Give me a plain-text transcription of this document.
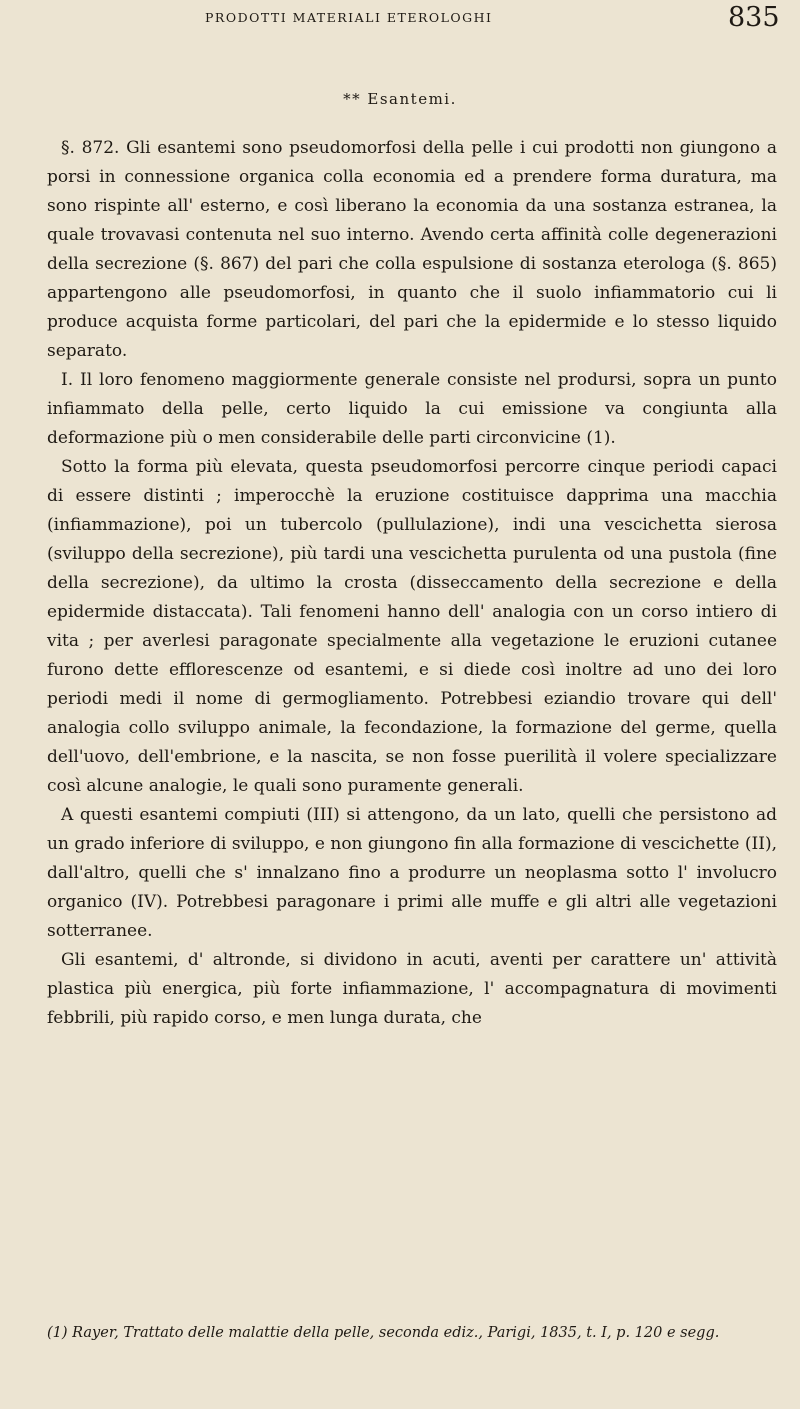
PRODOTTI MATERIALI ETEROLOGHI	835
** Esantemi.

§. 872. Gli esantemi sono pseudomorfosi della pelle i cui prodotti non giungono a porsi in connessione organica colla economia ed a prendere forma duratura, ma sono rispinte all' esterno, e così liberano la economia da una sostanza estranea, la quale trovavasi contenuta nel suo interno. Avendo certa affinità colle degenerazioni della secrezione (§. 867) del pari che colla espulsione di sostanza eterologa (§. 865) appartengono alle pseudomorfosi, in quanto che il suolo infiammatorio cui li produce acquista forme particolari, del pari che la epidermide e lo stesso liquido separato.

I. Il loro fenomeno maggiormente generale consiste nel prodursi, sopra un punto infiammato della pelle, certo liquido la cui emissione va congiunta alla deformazione più o men considerabile delle parti circonvicine (1).

Sotto la forma più elevata, questa pseudomorfosi percorre cinque periodi capaci di essere distinti ; imperocchè la eruzione costituisce dapprima una macchia (infiammazione), poi un tubercolo (pullulazione), indi una vescichetta sierosa (sviluppo della secrezione), più tardi una vescichetta purulenta od una pustola (fine della secrezione), da ultimo la crosta (disseccamento della secrezione e della epidermide distaccata). Tali fenomeni hanno dell' analogia con un corso intiero di vita ; per averlesi paragonate specialmente alla vegetazione le eruzioni cutanee furono dette efflorescenze od esantemi, e si diede così inoltre ad uno dei loro periodi medi il nome di germogliamento. Potrebbesi eziandio trovare qui dell' analogia collo sviluppo animale, la fecondazione, la formazione del germe, quella dell'uovo, dell'embrione, e la nascita, se non fosse puerilità il volere specializzare così alcune analogie, le quali sono puramente generali.

A questi esantemi compiuti (III) si attengono, da un lato, quelli che persistono ad un grado inferiore di sviluppo, e non giungono fin alla formazione di vescichette (II), dall'altro, quelli che s' innalzano fino a produrre un neoplasma sotto l' involucro organico (IV). Potrebbesi paragonare i primi alle muffe e gli altri alle vegetazioni sotterranee.

Gli esantemi, d' altronde, si dividono in acuti, aventi per carattere un' attività plastica più energica, più forte infiammazione, l' accompagnatura di movimenti febbrili, più rapido corso, e men lunga durata, che

(1) Rayer, Trattato delle malattie della pelle, seconda ediz., Parigi, 1835, t. I, p. 120 e segg.
